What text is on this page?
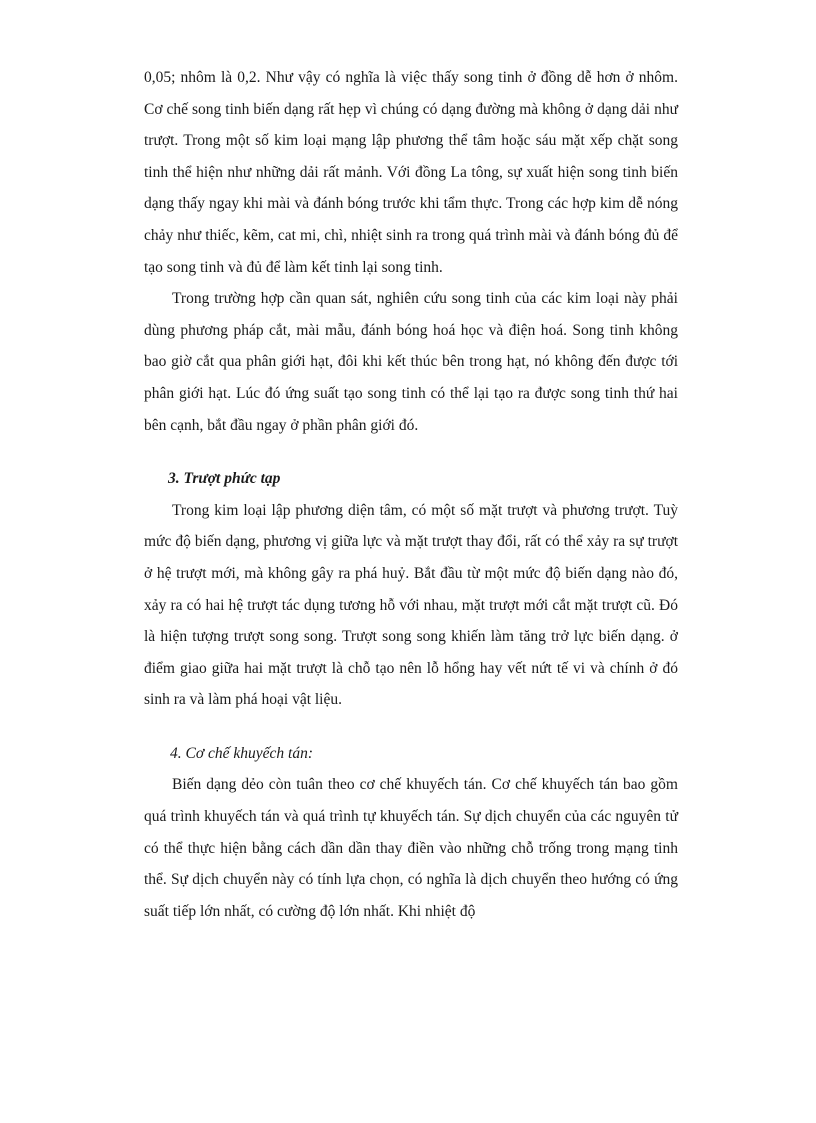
0,05; nhôm là 0,2. Như vậy có nghĩa là việc thấy song tinh ở đồng dễ hơn ở nhôm. Cơ chế song tinh biến dạng rất hẹp vì chúng có dạng đường mà không ở dạng dải như trượt. Trong một số kim loại mạng lập phương thể tâm hoặc sáu mặt xếp chặt song tinh thể hiện như những dải rất mảnh. Với đồng La tông, sự xuất hiện song tinh biến dạng thấy ngay khi mài và đánh bóng trước khi tẩm thực. Trong các hợp kim dễ nóng chảy như thiếc, kẽm, cat mi, chì, nhiệt sinh ra trong quá trình mài và đánh bóng đủ để tạo song tinh và đủ để làm kết tinh lại song tinh.

Trong trường hợp cần quan sát, nghiên cứu song tinh của các kim loại này phải dùng phương pháp cắt, mài mẫu, đánh bóng hoá học và điện hoá. Song tinh không bao giờ cắt qua phân giới hạt, đôi khi kết thúc bên trong hạt, nó không đến được tới phân giới hạt. Lúc đó ứng suất tạo song tinh có thể lại tạo ra được song tinh thứ hai bên cạnh, bắt đầu ngay ở phần phân giới đó.

3. Trượt phức tạp

Trong kim loại lập phương diện tâm, có một số mặt trượt và phương trượt. Tuỳ mức độ biến dạng, phương vị giữa lực và mặt trượt thay đổi, rất có thể xảy ra sự trượt ở hệ trượt mới, mà không gây ra phá huỷ. Bắt đầu từ một mức độ biến dạng nào đó, xảy ra có hai hệ trượt tác dụng tương hỗ với nhau, mặt trượt mới cắt mặt trượt cũ. Đó là hiện tượng trượt song song. Trượt song song khiến làm tăng trở lực biến dạng. ở điểm giao giữa hai mặt trượt là chỗ tạo nên lỗ hổng hay vết nứt tế vi và chính ở đó sinh ra và làm phá hoại vật liệu.

4. Cơ chế khuyếch tán:

Biến dạng dẻo còn tuân theo cơ chế khuyếch tán. Cơ chế khuyếch tán bao gồm quá trình khuyếch tán và quá trình tự khuyếch tán. Sự dịch chuyển của các nguyên tử có thể thực hiện bằng cách dần dần thay điền vào những chỗ trống trong mạng tinh thể. Sự dịch chuyển này có tính lựa chọn, có nghĩa là dịch chuyển theo hướng có ứng suất tiếp lớn nhất, có cường độ lớn nhất. Khi nhiệt độ
